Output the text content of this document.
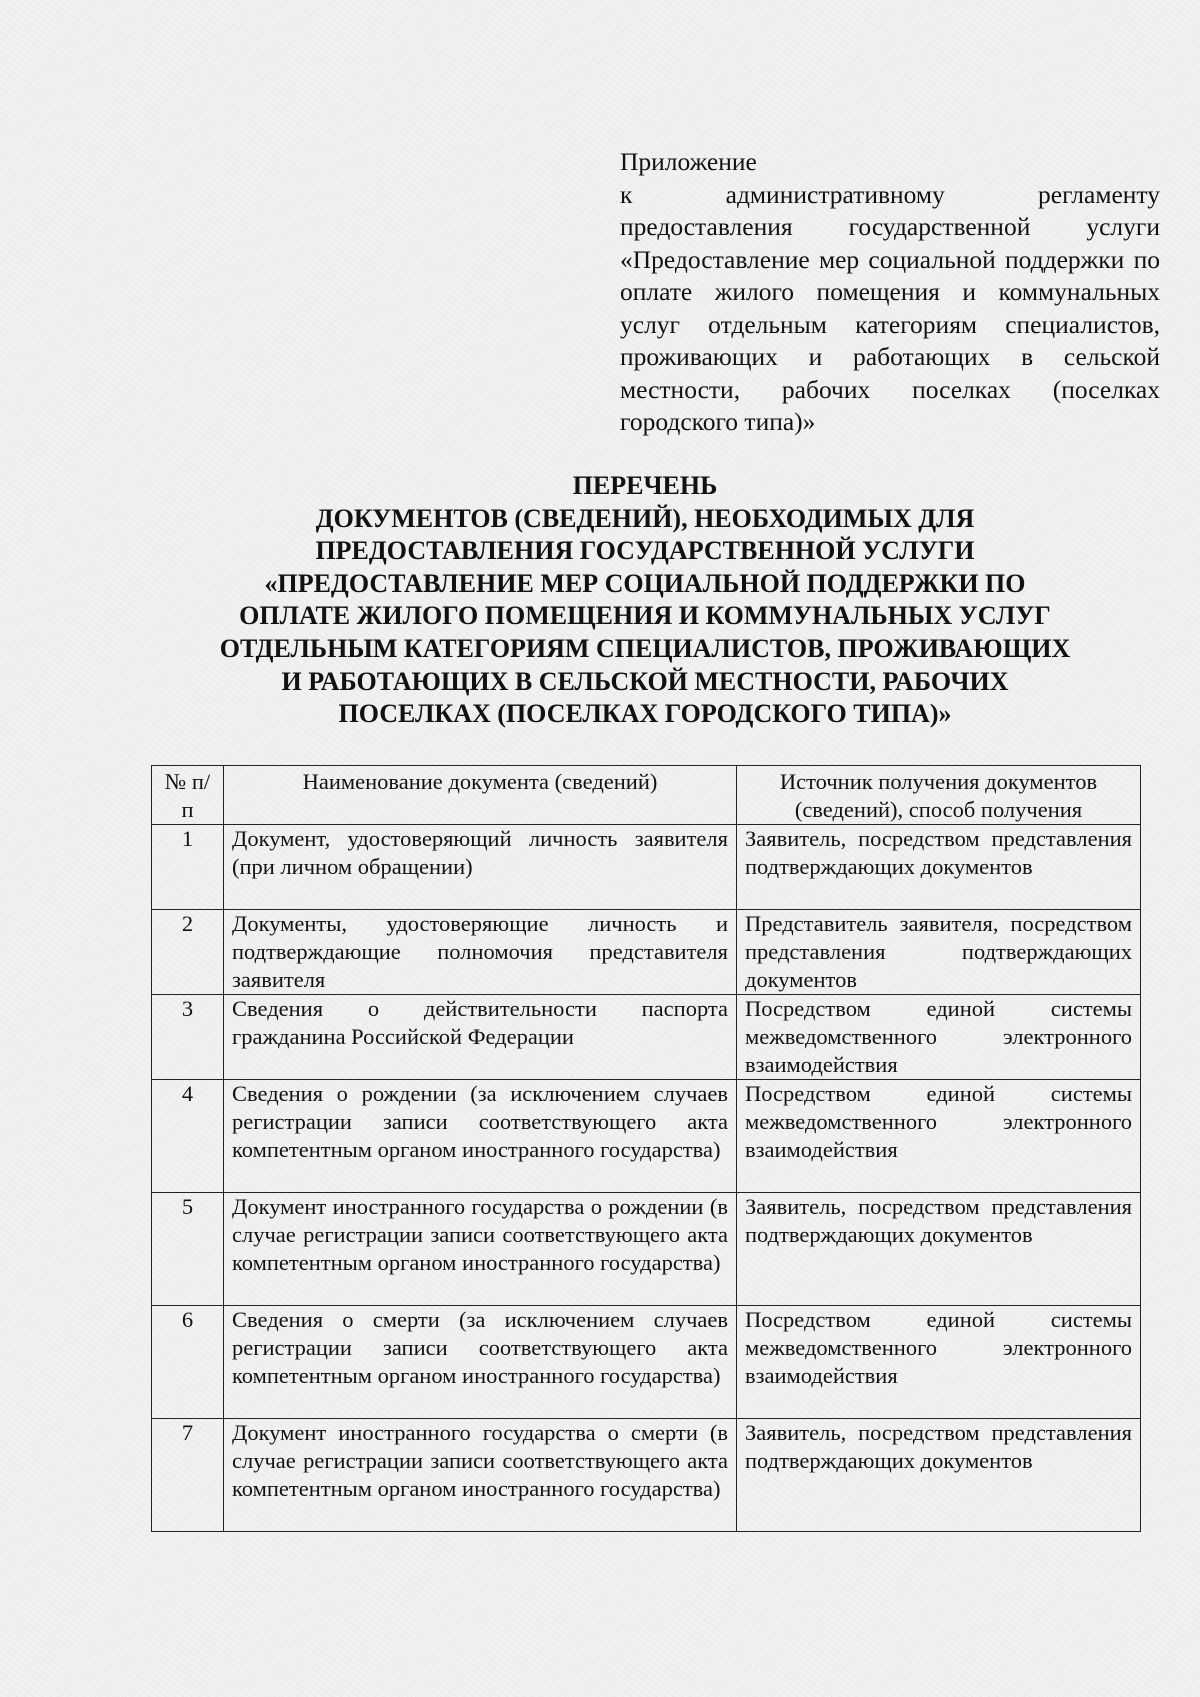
Приложение
к административному регламенту предоставления государственной услуги «Предоставление мер социальной поддержки по оплате жилого помещения и коммунальных услуг отдельным категориям специалистов, проживающих и работающих в сельской местности, рабочих поселках (поселках городского типа)»
ПЕРЕЧЕНЬ
ДОКУМЕНТОВ (СВЕДЕНИЙ), НЕОБХОДИМЫХ ДЛЯ
ПРЕДОСТАВЛЕНИЯ ГОСУДАРСТВЕННОЙ УСЛУГИ
«ПРЕДОСТАВЛЕНИЕ МЕР СОЦИАЛЬНОЙ ПОДДЕРЖКИ ПО
ОПЛАТЕ ЖИЛОГО ПОМЕЩЕНИЯ И КОММУНАЛЬНЫХ УСЛУГ
ОТДЕЛЬНЫМ КАТЕГОРИЯМ СПЕЦИАЛИСТОВ, ПРОЖИВАЮЩИХ
И РАБОТАЮЩИХ В СЕЛЬСКОЙ МЕСТНОСТИ, РАБОЧИХ
ПОСЕЛКАХ (ПОСЕЛКАХ ГОРОДСКОГО ТИПА)»
№ п/п	Наименование документа (сведений)	Источник получения документов (сведений), способ получения
1	Документ, удостоверяющий личность заявителя (при личном обращении)	Заявитель, посредством представления подтверждающих документов
2	Документы, удостоверяющие личность и подтверждающие полномочия представителя заявителя	Представитель заявителя, посредством представления подтверждающих документов
3	Сведения о действительности паспорта гражданина Российской Федерации	Посредством единой системы межведомственного электронного взаимодействия
4	Сведения о рождении (за исключением случаев регистрации записи соответствующего акта компетентным органом иностранного государства)	Посредством единой системы межведомственного электронного взаимодействия
5	Документ иностранного государства о рождении (в случае регистрации записи соответствующего акта компетентным органом иностранного государства)	Заявитель, посредством представления подтверждающих документов
6	Сведения о смерти (за исключением случаев регистрации записи соответствующего акта компетентным органом иностранного государства)	Посредством единой системы межведомственного электронного взаимодействия
7	Документ иностранного государства о смерти (в случае регистрации записи соответствующего акта компетентным органом иностранного государства)	Заявитель, посредством представления подтверждающих документов
